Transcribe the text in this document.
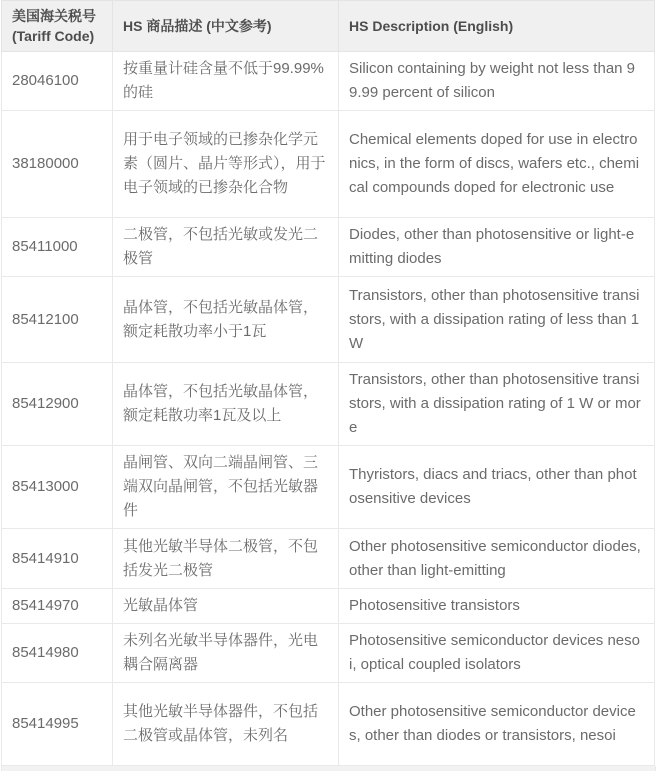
美国海关税号
(Tariff Code)	HS 商品描述 (中文参考)	HS Description (English)
28046100	按重量计硅含量不低于99.99%的硅	Silicon containing by weight not less than 99.99 percent of silicon
38180000	用于电子领域的已掺杂化学元素（圆片、晶片等形式），用于电子领域的已掺杂化合物	Chemical elements doped for use in electronics, in the form of discs, wafers etc., chemical compounds doped for electronic use
85411000	二极管，不包括光敏或发光二极管	Diodes, other than photosensitive or light-emitting diodes
85412100	晶体管，不包括光敏晶体管，额定耗散功率小于1瓦	Transistors, other than photosensitive transistors, with a dissipation rating of less than 1 W
85412900	晶体管，不包括光敏晶体管，额定耗散功率1瓦及以上	Transistors, other than photosensitive transistors, with a dissipation rating of 1 W or more
85413000	晶闸管、双向二端晶闸管、三端双向晶闸管，不包括光敏器件	Thyristors, diacs and triacs, other than photosensitive devices
85414910	其他光敏半导体二极管，不包括发光二极管	Other photosensitive semiconductor diodes, other than light-emitting
85414970	光敏晶体管	Photosensitive transistors
85414980	未列名光敏半导体器件，光电耦合隔离器	Photosensitive semiconductor devices nesoi, optical coupled isolators
85414995	其他光敏半导体器件，不包括二极管或晶体管，未列名	Other photosensitive semiconductor devices, other than diodes or transistors, nesoi
